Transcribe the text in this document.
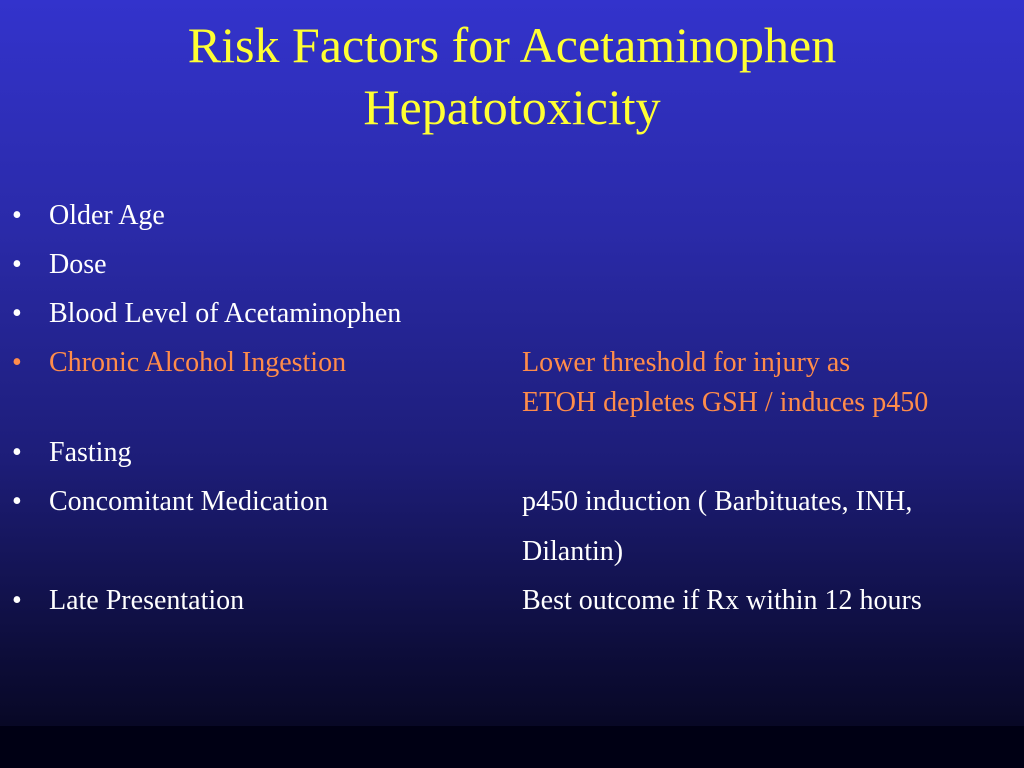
Risk Factors for Acetaminophen
Hepatotoxicity
• Older Age
• Dose
• Blood Level of Acetaminophen
• Chronic Alcohol Ingestion	Lower threshold for injury as
ETOH depletes GSH / induces p450
• Fasting
• Concomitant Medication	p450 induction ( Barbituates, INH,
Dilantin)
• Late Presentation	Best outcome if Rx within 12 hours
